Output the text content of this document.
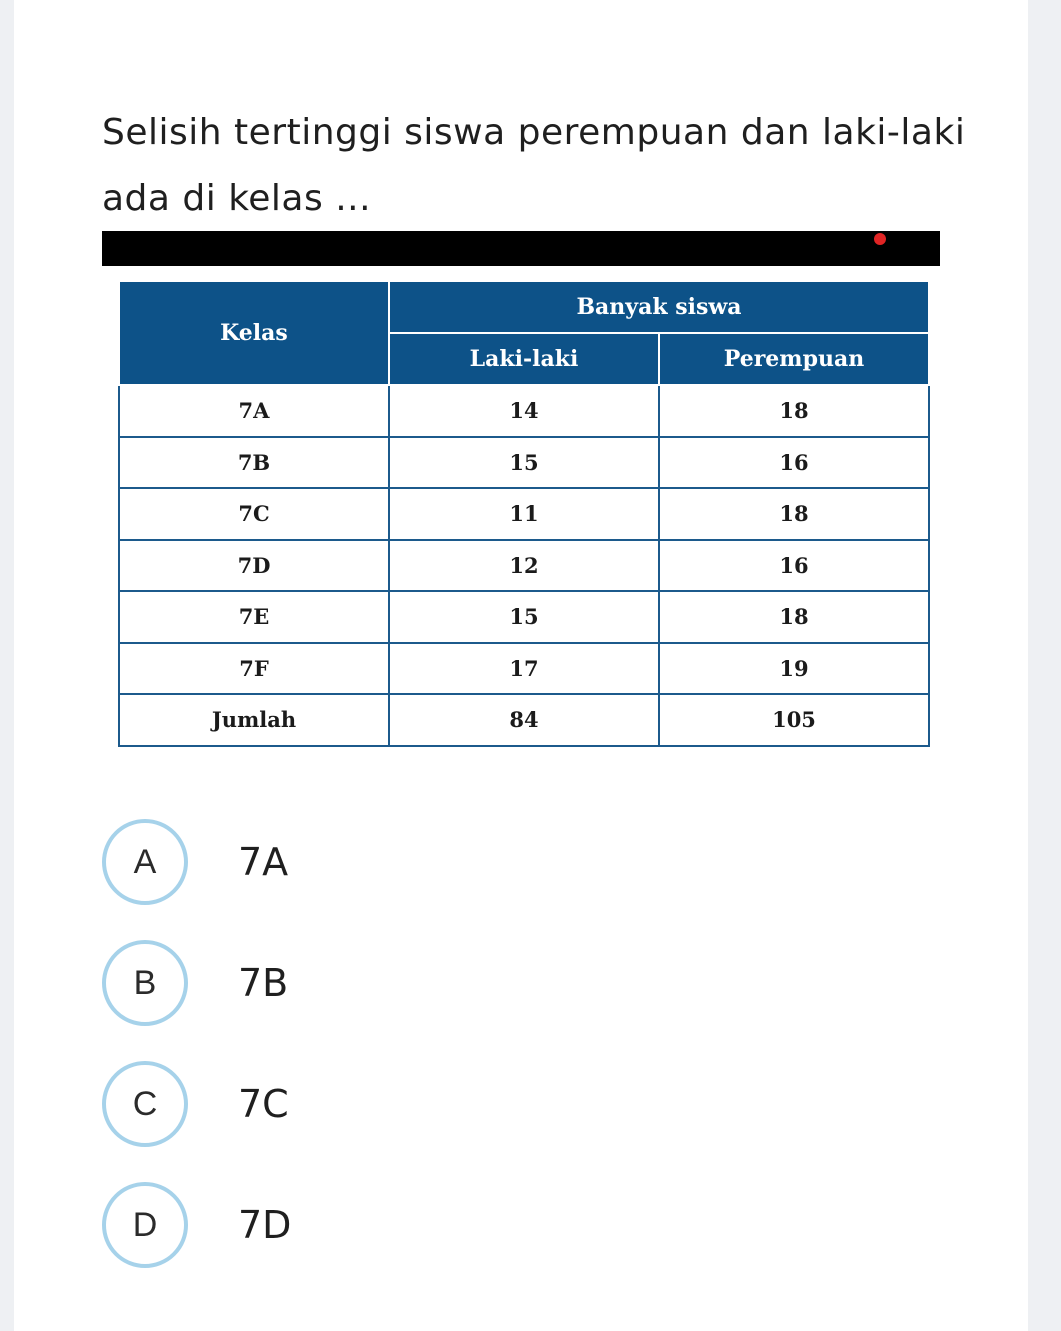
Selisih tertinggi siswa perempuan dan laki-laki
ada di kelas ...
Kelas	Banyak siswa	
	Laki-laki	Perempuan
7A	14	18
7B	15	16
7C	11	18
7D	12	16
7E	15	18
7F	17	19
Jumlah	84	105
A	7A
B	7B
C	7C
D	7D
